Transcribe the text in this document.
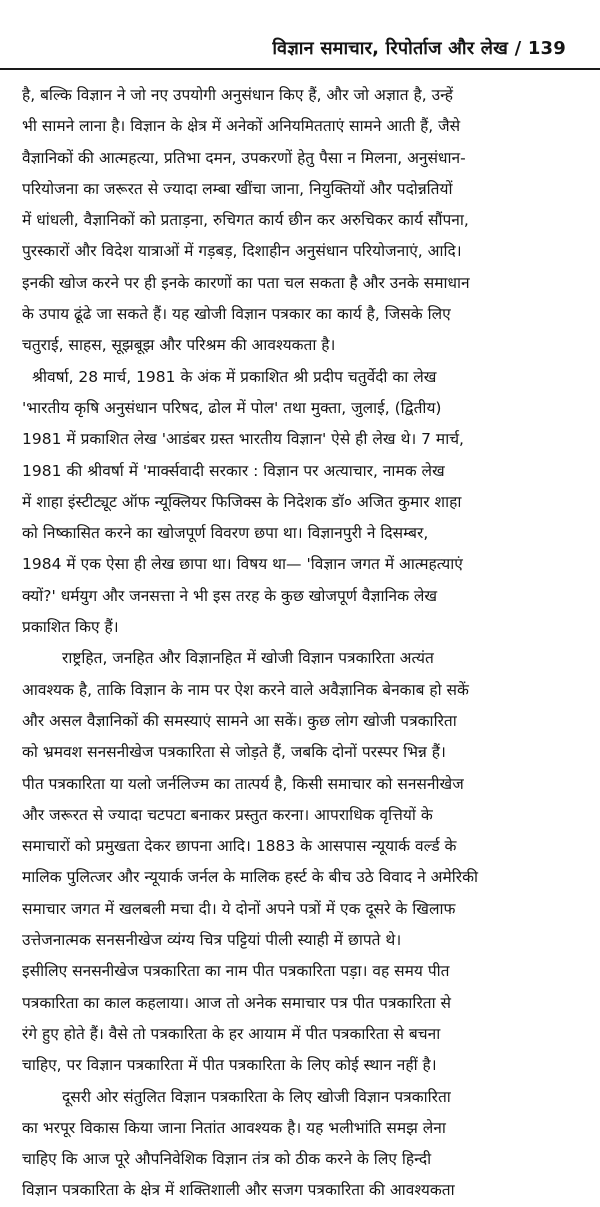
विज्ञान समाचार, रिपोर्ताज और लेख / 139
है, बल्कि विज्ञान ने जो नए उपयोगी अनुसंधान किए हैं, और जो अज्ञात है, उन्हें
भी सामने लाना है। विज्ञान के क्षेत्र में अनेकों अनियमितताएं सामने आती हैं, जैसे
वैज्ञानिकों की आत्महत्या, प्रतिभा दमन, उपकरणों हेतु पैसा न मिलना, अनुसंधान-
परियोजना का जरूरत से ज्यादा लम्बा खींचा जाना, नियुक्तियों और पदोन्नतियों
में धांधली, वैज्ञानिकों को प्रताड़ना, रुचिगत कार्य छीन कर अरुचिकर कार्य सौंपना,
पुरस्कारों और विदेश यात्राओं में गड़बड़, दिशाहीन अनुसंधान परियोजनाएं, आदि।
इनकी खोज करने पर ही इनके कारणों का पता चल सकता है और उनके समाधान
के उपाय ढूंढे जा सकते हैं। यह खोजी विज्ञान पत्रकार का कार्य है, जिसके लिए
चतुराई, साहस, सूझबूझ और परिश्रम की आवश्यकता है।
श्रीवर्षा, 28 मार्च, 1981 के अंक में प्रकाशित श्री प्रदीप चतुर्वेदी का लेख
'भारतीय कृषि अनुसंधान परिषद, ढोल में पोल' तथा मुक्ता, जुलाई, (द्वितीय)
1981 में प्रकाशित लेख 'आडंबर ग्रस्त भारतीय विज्ञान' ऐसे ही लेख थे। 7 मार्च,
1981 की श्रीवर्षा में 'मार्क्सवादी सरकार : विज्ञान पर अत्याचार, नामक लेख
में शाहा इंस्टीट्यूट ऑफ न्यूक्लियर फिजिक्स के निदेशक डॉ० अजित कुमार शाहा
को निष्कासित करने का खोजपूर्ण विवरण छपा था। विज्ञानपुरी ने दिसम्बर,
1984 में एक ऐसा ही लेख छापा था। विषय था— 'विज्ञान जगत में आत्महत्याएं
क्यों?' धर्मयुग और जनसत्ता ने भी इस तरह के कुछ खोजपूर्ण वैज्ञानिक लेख
प्रकाशित किए हैं।
राष्ट्रहित, जनहित और विज्ञानहित में खोजी विज्ञान पत्रकारिता अत्यंत
आवश्यक है, ताकि विज्ञान के नाम पर ऐश करने वाले अवैज्ञानिक बेनकाब हो सकें
और असल वैज्ञानिकों की समस्याएं सामने आ सकें। कुछ लोग खोजी पत्रकारिता
को भ्रमवश सनसनीखेज पत्रकारिता से जोड़ते हैं, जबकि दोनों परस्पर भिन्न हैं।
पीत पत्रकारिता या यलो जर्नलिज्म का तात्पर्य है, किसी समाचार को सनसनीखेज
और जरूरत से ज्यादा चटपटा बनाकर प्रस्तुत करना। आपराधिक वृत्तियों के
समाचारों को प्रमुखता देकर छापना आदि। 1883 के आसपास न्यूयार्क वर्ल्ड के
मालिक पुलित्जर और न्यूयार्क जर्नल के मालिक हर्स्ट के बीच उठे विवाद ने अमेरिकी
समाचार जगत में खलबली मचा दी। ये दोनों अपने पत्रों में एक दूसरे के खिलाफ
उत्तेजनात्मक सनसनीखेज व्यंग्य चित्र पट्टियां पीली स्याही में छापते थे।
इसीलिए सनसनीखेज पत्रकारिता का नाम पीत पत्रकारिता पड़ा। वह समय पीत
पत्रकारिता का काल कहलाया। आज तो अनेक समाचार पत्र पीत पत्रकारिता से
रंगे हुए होते हैं। वैसे तो पत्रकारिता के हर आयाम में पीत पत्रकारिता से बचना
चाहिए, पर विज्ञान पत्रकारिता में पीत पत्रकारिता के लिए कोई स्थान नहीं है।
दूसरी ओर संतुलित विज्ञान पत्रकारिता के लिए खोजी विज्ञान पत्रकारिता
का भरपूर विकास किया जाना नितांत आवश्यक है। यह भलीभांति समझ लेना
चाहिए कि आज पूरे औपनिवेशिक विज्ञान तंत्र को ठीक करने के लिए हिन्दी
विज्ञान पत्रकारिता के क्षेत्र में शक्तिशाली और सजग पत्रकारिता की आवश्यकता
